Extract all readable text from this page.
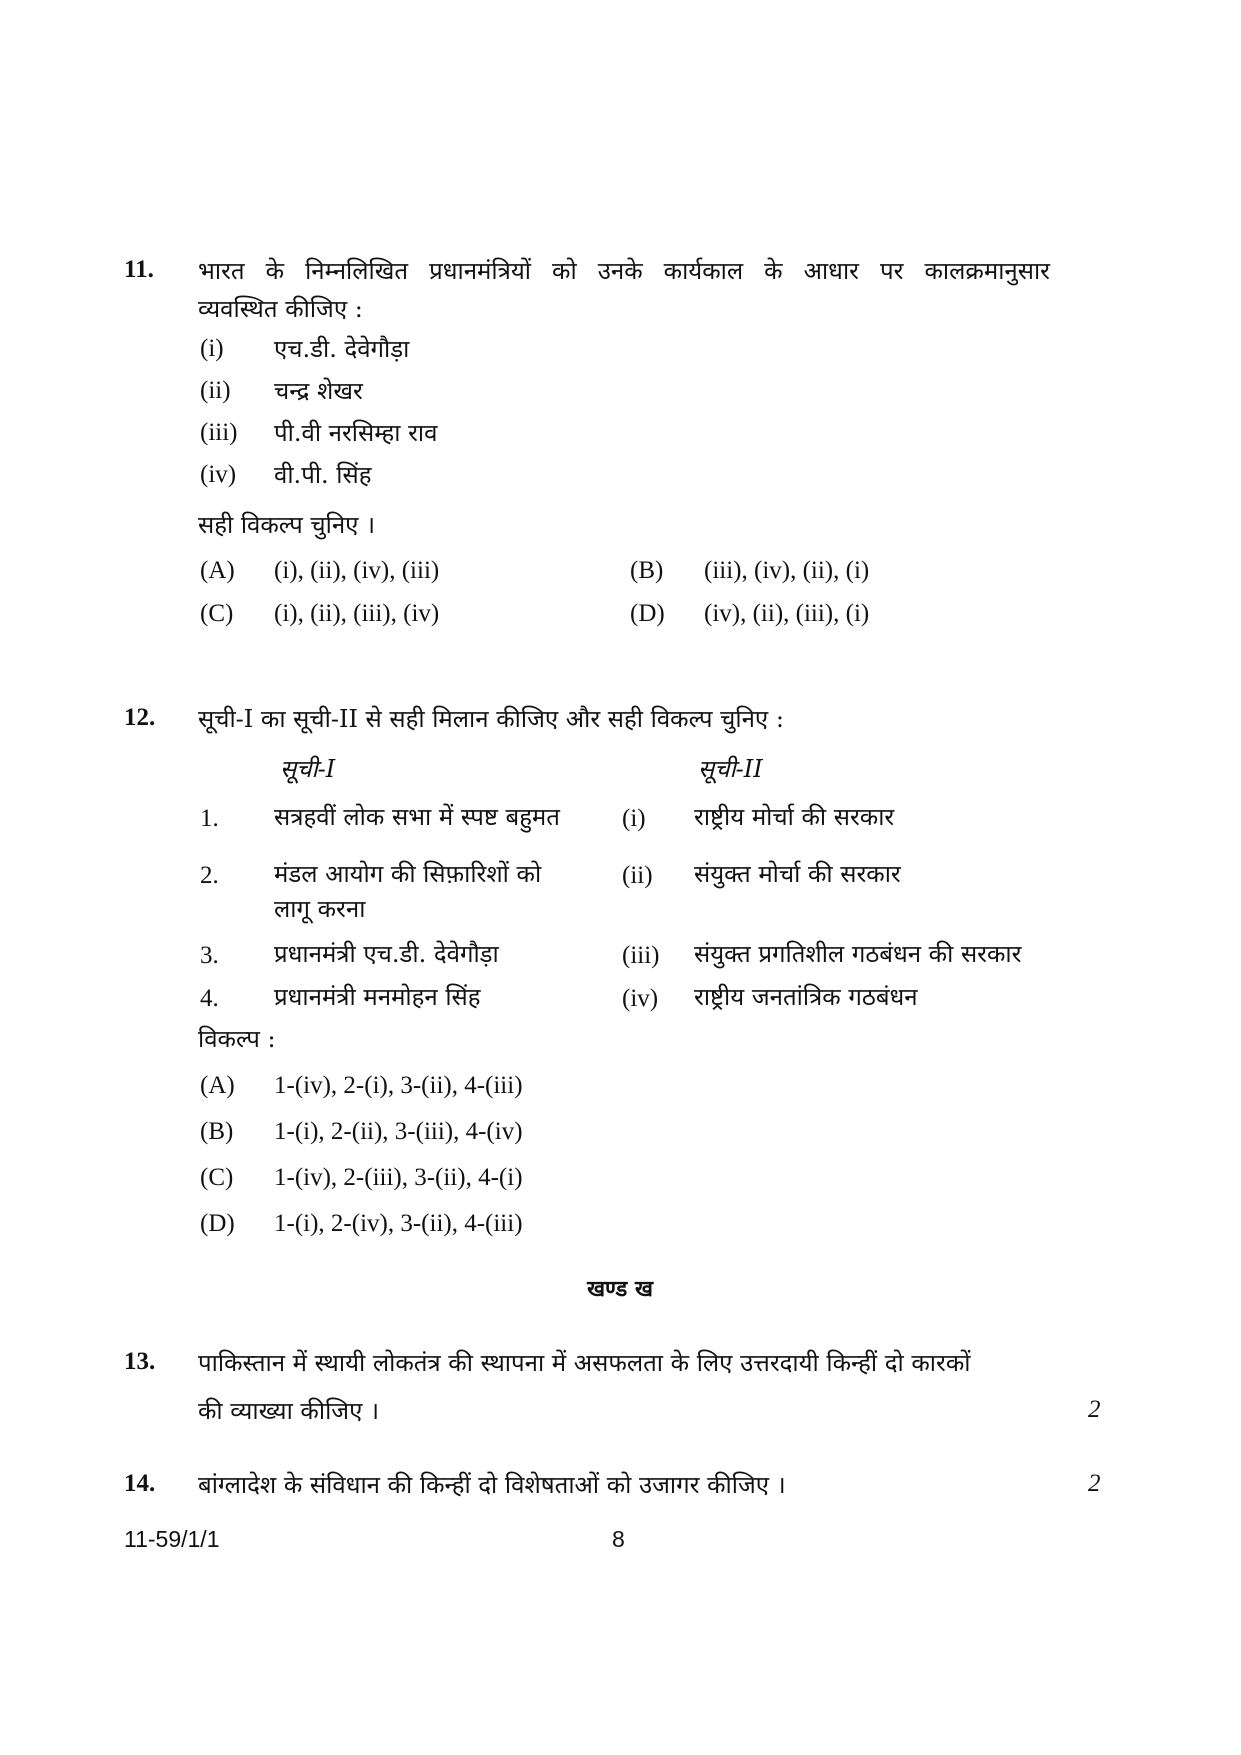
11. भारत के निम्नलिखित प्रधानमंत्रियों को उनके कार्यकाल के आधार पर कालक्रमानुसार
व्यवस्थित कीजिए :
(i) एच.डी. देवेगौड़ा
(ii) चन्द्र शेखर
(iii) पी.वी नरसिम्हा राव
(iv) वी.पी. सिंह
सही विकल्प चुनिए ।
(A) (i), (ii), (iv), (iii)	(B) (iii), (iv), (ii), (i)
(C) (i), (ii), (iii), (iv)	(D) (iv), (ii), (iii), (i)
12. सूची-I का सूची-II से सही मिलान कीजिए और सही विकल्प चुनिए :
सूची-I	सूची-II
1. सत्रहवीं लोक सभा में स्पष्ट बहुमत (i) राष्ट्रीय मोर्चा की सरकार
2. मंडल आयोग की सिफ़ारिशों को
लागू करना
(ii) संयुक्त मोर्चा की सरकार
3. प्रधानमंत्री एच.डी. देवेगौड़ा	(iii) संयुक्त प्रगतिशील गठबंधन की सरकार
4. प्रधानमंत्री मनमोहन सिंह	(iv) राष्ट्रीय जनतांत्रिक गठबंधन
विकल्प :
(A) 1-(iv), 2-(i), 3-(ii), 4-(iii)
(B) 1-(i), 2-(ii), 3-(iii), 4-(iv)
(C) 1-(iv), 2-(iii), 3-(ii), 4-(i)
(D) 1-(i), 2-(iv), 3-(ii), 4-(iii)
खण्ड ख
13. पाकिस्तान में स्थायी लोकतंत्र की स्थापना में असफलता के लिए उत्तरदायी किन्हीं दो कारकों
की व्याख्या कीजिए ।	2
14. बांग्लादेश के संविधान की किन्हीं दो विशेषताओं को उजागर कीजिए ।	2
11-59/1/1	8
